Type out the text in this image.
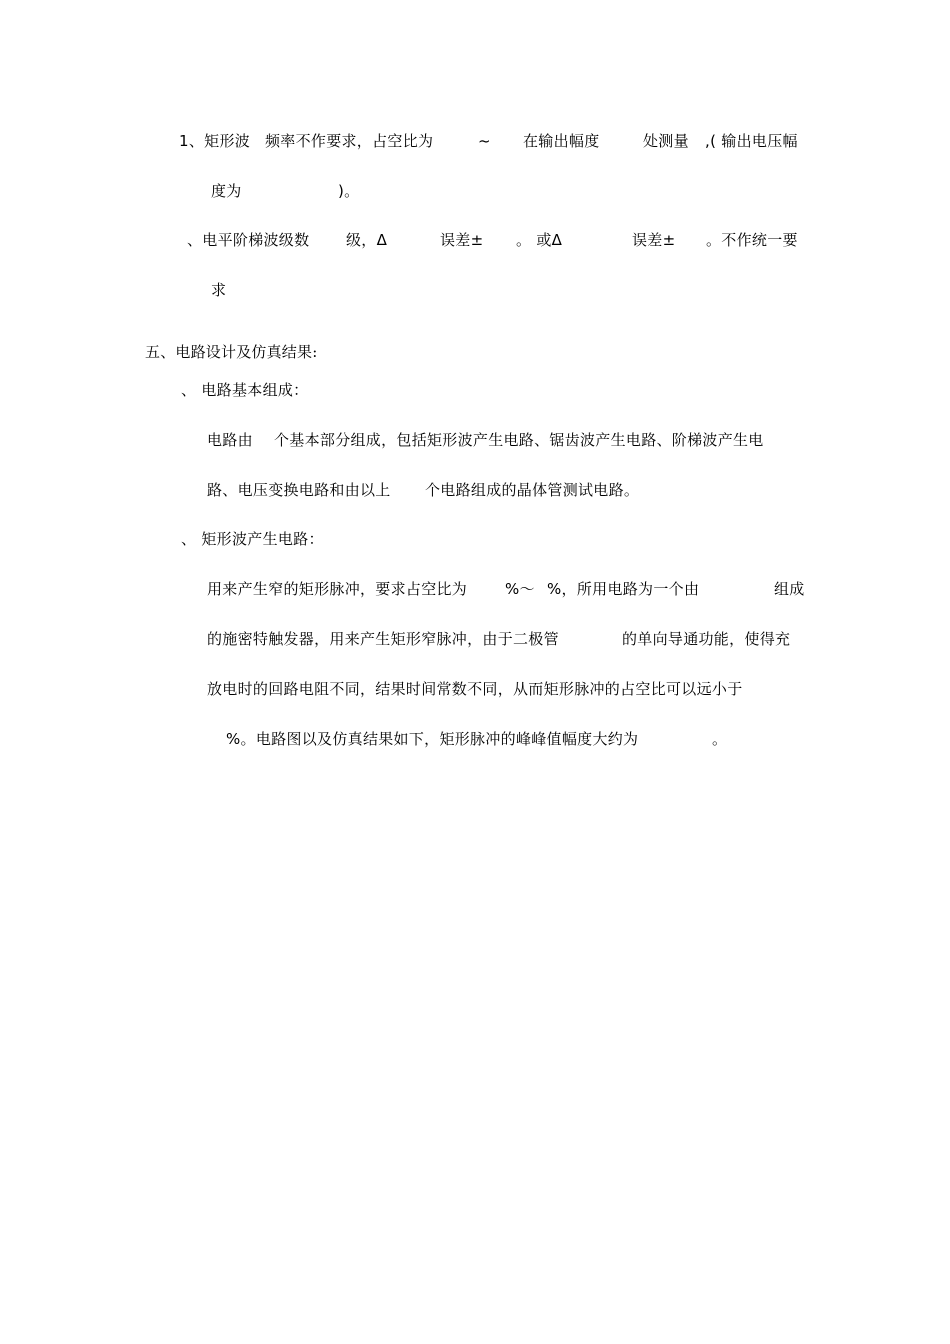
1、矩形波 频率不作要求，占空比为	~ 在输出幅度	处测量 ,( 输出电压幅
度为	)。
、电平阶梯波级数 级，Δ	误差± 。 或Δ	误差± 。不作统一要
求
五、电路设计及仿真结果:
、 电路基本组成：
电路由 个基本部分组成，包括矩形波产生电路、锯齿波产生电路、阶梯波产生电
路、电压变换电路和由以上 个电路组成的晶体管测试电路。
、 矩形波产生电路：
用来产生窄的矩形脉冲，要求占空比为	%～ %，所用电路为一个由	组成
的施密特触发器，用来产生矩形窄脉冲，由于二极管	的单向导通功能，使得充
放电时的回路电阻不同，结果时间常数不同，从而矩形脉冲的占空比可以远小于
%。电路图以及仿真结果如下，矩形脉冲的峰峰值幅度大约为	。
